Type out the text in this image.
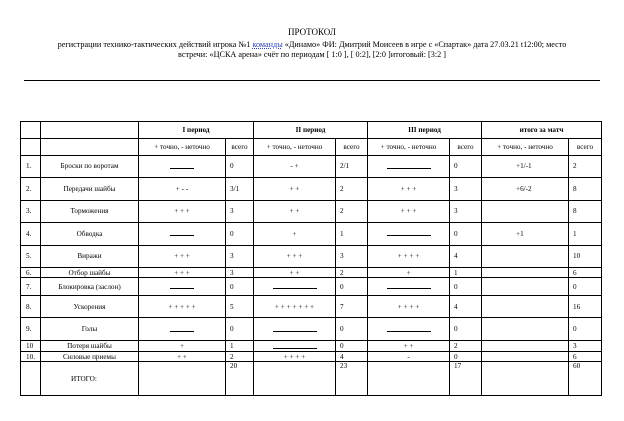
ПРОТОКОЛ
регистрации технико-тактических действий игрока №1 команды «Динамо» ФИ: Дмитрий Моисеев в игре с «Спартак» дата 27.03.21 t12:00; место
встречи: «ЦСКА арена» счёт по периодам [ 1:0 ], [ 0:2], [2:0 ]итоговый: [3:2 ]
		I период		II период		III период		итого за матч	
		+ точно, - неточно	всего	+ точно, - неточно	всего	+ точно, - неточно	всего	+ точно, - неточно	всего
1.	Броски по воротам		0	- +	2/1		0	+1/-1	2
2.	Передачи шайбы	+ - -	3/1	+ +	2	+ + +	3	+6/-2	8
3.	Торможения	+ + +	3	+ +	2	+ + +	3		8
4.	Обводка		0	+	1		0	+1	1
5.	Виражи	+ + +	3	+ + +	3	+ + + +	4		10
6.	Отбор шайбы	+ + +	3	+ +	2	+	1		6
7.	Блокировка (заслон)		0		0		0		0
8.	Ускорения	+ + + + +	5	+ + + + + + +	7	+ + + +	4		16
9.	Голы		0		0		0		0
10	Потеря шайбы	+	1		0	+ +	2		3
10.	Силовые приемы	+ +	2	+ + + +	4	-	0		6
	ИТОГО:		20		23		17		60
